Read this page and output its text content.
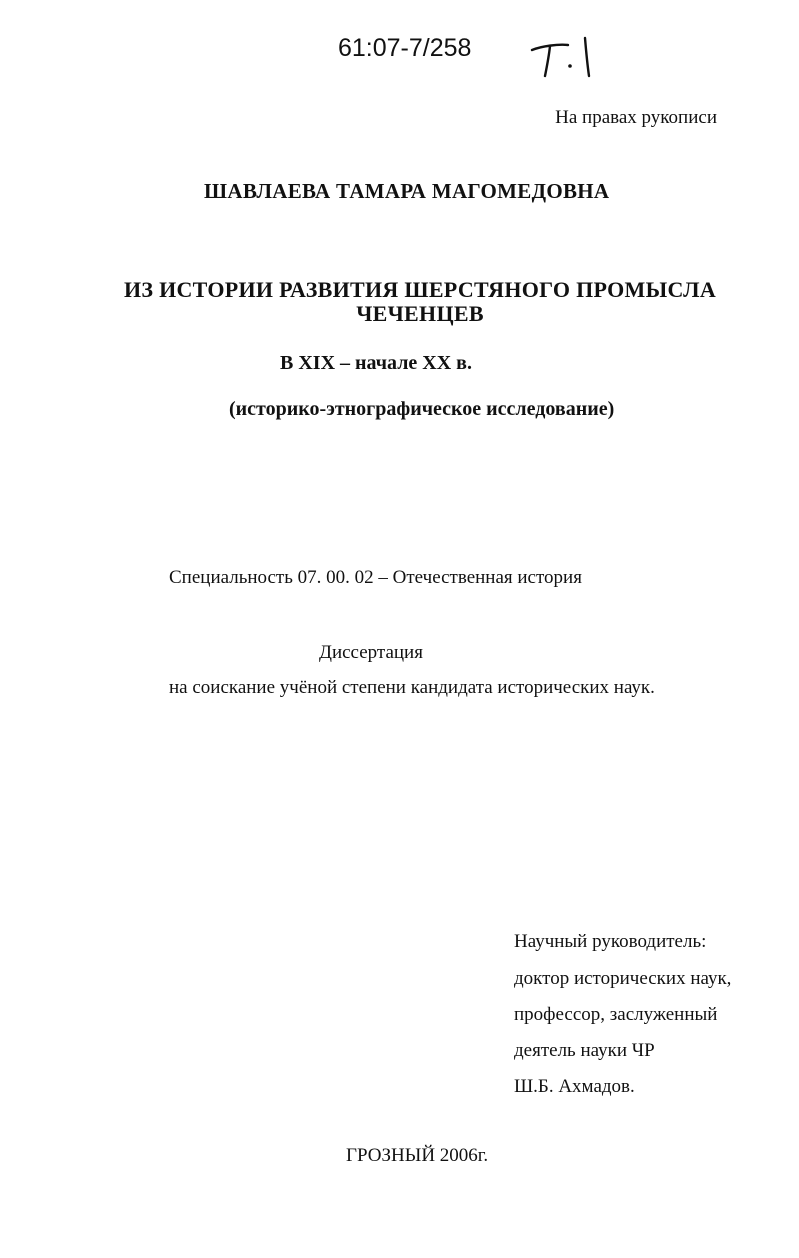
61:07-7/258
На правах рукописи
ШАВЛАЕВА ТАМАРА МАГОМЕДОВНА
ИЗ ИСТОРИИ РАЗВИТИЯ ШЕРСТЯНОГО ПРОМЫСЛА
ЧЕЧЕНЦЕВ
В XIX – начале XX в.
(историко-этнографическое исследование)
Специальность 07. 00. 02 – Отечественная история
Диссертация
на соискание учёной степени кандидата исторических наук.
Научный руководитель:
доктор исторических наук,
профессор, заслуженный
деятель науки ЧР
Ш.Б. Ахмадов.
ГРОЗНЫЙ 2006г.
